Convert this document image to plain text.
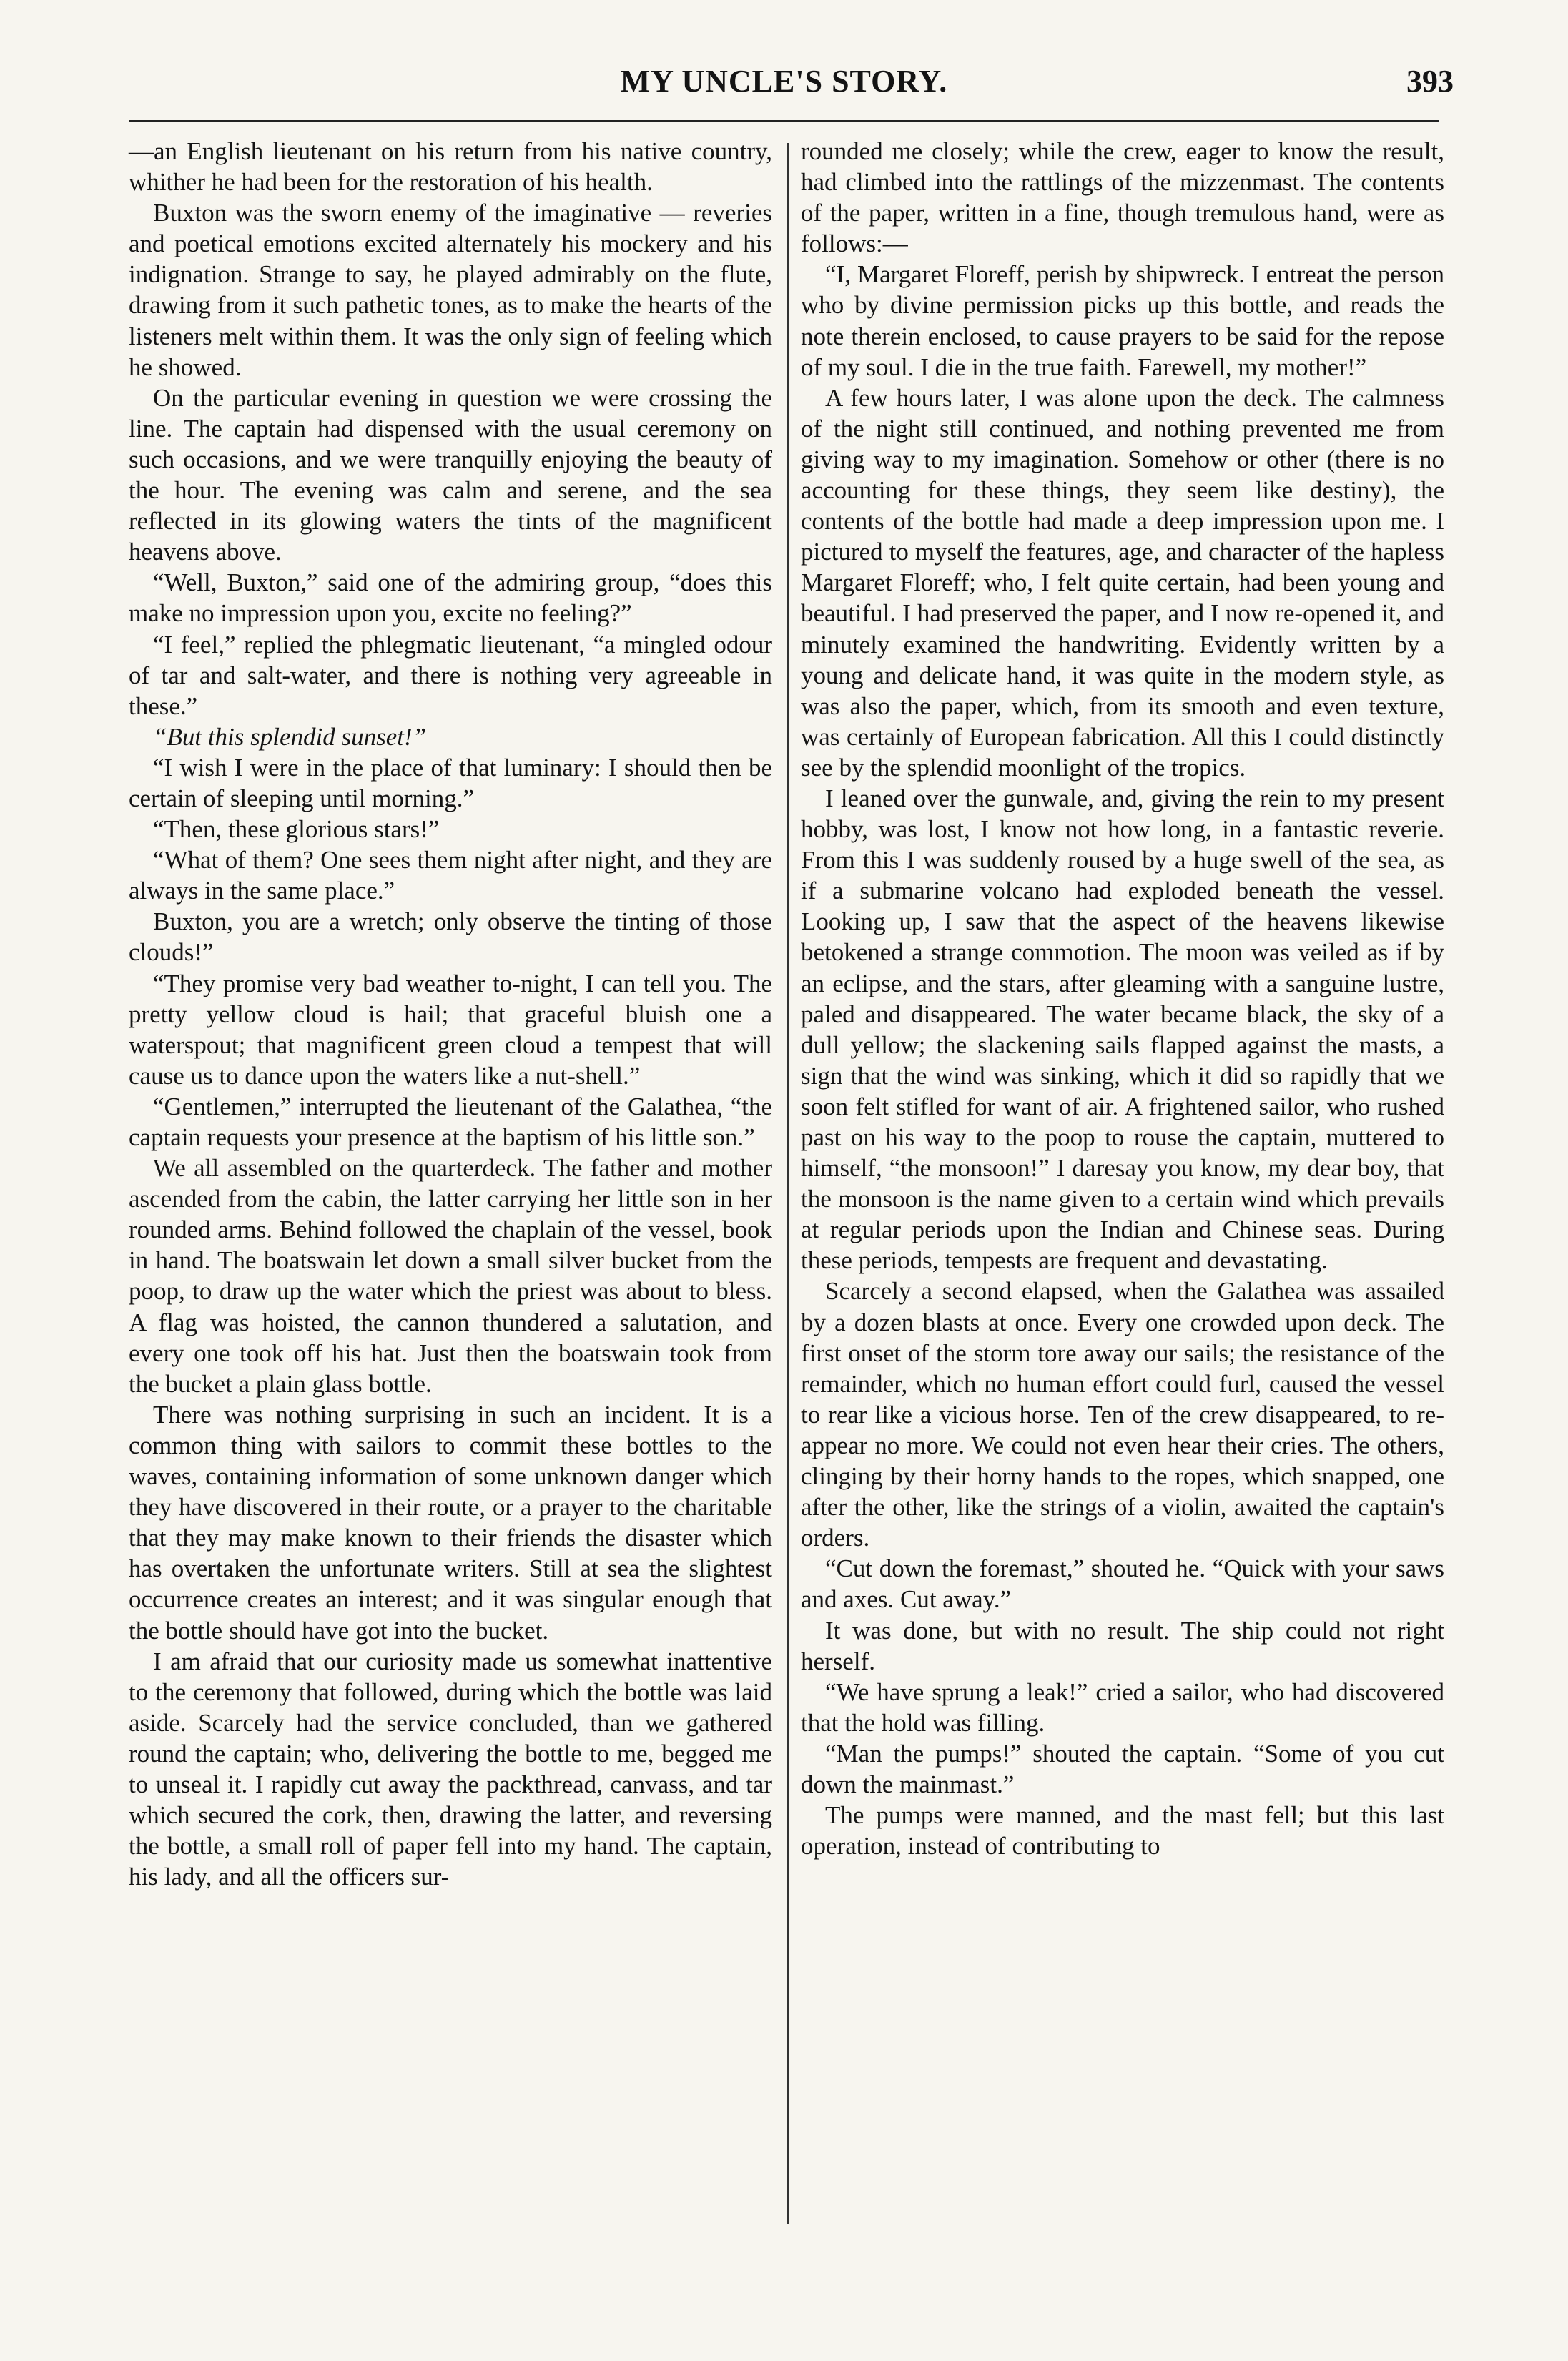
MY UNCLE'S STORY.	393

—an English lieutenant on his return from his native country, whither he had been for the restoration of his health.

Buxton was the sworn enemy of the imaginative — reveries and poetical emotions excited alternately his mockery and his indignation. Strange to say, he played admirably on the flute, drawing from it such pathetic tones, as to make the hearts of the listeners melt within them. It was the only sign of feeling which he showed.

On the particular evening in question we were crossing the line. The captain had dispensed with the usual ceremony on such occasions, and we were tranquilly enjoying the beauty of the hour. The evening was calm and serene, and the sea reflected in its glowing waters the tints of the magnificent heavens above.

“Well, Buxton,” said one of the admiring group, “does this make no impression upon you, excite no feeling?”

“I feel,” replied the phlegmatic lieutenant, “a mingled odour of tar and salt-water, and there is nothing very agreeable in these.”

“But this splendid sunset!”

“I wish I were in the place of that luminary: I should then be certain of sleeping until morning.”

“Then, these glorious stars!”

“What of them? One sees them night after night, and they are always in the same place.”

Buxton, you are a wretch; only observe the tinting of those clouds!”

“They promise very bad weather to-night, I can tell you. The pretty yellow cloud is hail; that graceful bluish one a waterspout; that magnificent green cloud a tempest that will cause us to dance upon the waters like a nut-shell.”

“Gentlemen,” interrupted the lieutenant of the Galathea, “the captain requests your presence at the baptism of his little son.”

We all assembled on the quarterdeck. The father and mother ascended from the cabin, the latter carrying her little son in her rounded arms. Behind followed the chaplain of the vessel, book in hand. The boatswain let down a small silver bucket from the poop, to draw up the water which the priest was about to bless. A flag was hoisted, the cannon thundered a salutation, and every one took off his hat. Just then the boatswain took from the bucket a plain glass bottle.

There was nothing surprising in such an incident. It is a common thing with sailors to commit these bottles to the waves, containing information of some unknown danger which they have discovered in their route, or a prayer to the charitable that they may make known to their friends the disaster which has overtaken the unfortunate writers. Still at sea the slightest occurrence creates an interest; and it was singular enough that the bottle should have got into the bucket.

I am afraid that our curiosity made us somewhat inattentive to the ceremony that followed, during which the bottle was laid aside. Scarcely had the service concluded, than we gathered round the captain; who, delivering the bottle to me, begged me to unseal it. I rapidly cut away the packthread, canvass, and tar which secured the cork, then, drawing the latter, and reversing the bottle, a small roll of paper fell into my hand. The captain, his lady, and all the officers sur-

rounded me closely; while the crew, eager to know the result, had climbed into the rattlings of the mizzenmast. The contents of the paper, written in a fine, though tremulous hand, were as follows:—

“I, Margaret Floreff, perish by shipwreck. I entreat the person who by divine permission picks up this bottle, and reads the note therein enclosed, to cause prayers to be said for the repose of my soul. I die in the true faith. Farewell, my mother!”

A few hours later, I was alone upon the deck. The calmness of the night still continued, and nothing prevented me from giving way to my imagination. Somehow or other (there is no accounting for these things, they seem like destiny), the contents of the bottle had made a deep impression upon me. I pictured to myself the features, age, and character of the hapless Margaret Floreff; who, I felt quite certain, had been young and beautiful. I had preserved the paper, and I now re-opened it, and minutely examined the handwriting. Evidently written by a young and delicate hand, it was quite in the modern style, as was also the paper, which, from its smooth and even texture, was certainly of European fabrication. All this I could distinctly see by the splendid moonlight of the tropics.

I leaned over the gunwale, and, giving the rein to my present hobby, was lost, I know not how long, in a fantastic reverie. From this I was suddenly roused by a huge swell of the sea, as if a submarine volcano had exploded beneath the vessel. Looking up, I saw that the aspect of the heavens likewise betokened a strange commotion. The moon was veiled as if by an eclipse, and the stars, after gleaming with a sanguine lustre, paled and disappeared. The water became black, the sky of a dull yellow; the slackening sails flapped against the masts, a sign that the wind was sinking, which it did so rapidly that we soon felt stifled for want of air. A frightened sailor, who rushed past on his way to the poop to rouse the captain, muttered to himself, “the monsoon!” I daresay you know, my dear boy, that the monsoon is the name given to a certain wind which prevails at regular periods upon the Indian and Chinese seas. During these periods, tempests are frequent and devastating.

Scarcely a second elapsed, when the Galathea was assailed by a dozen blasts at once. Every one crowded upon deck. The first onset of the storm tore away our sails; the resistance of the remainder, which no human effort could furl, caused the vessel to rear like a vicious horse. Ten of the crew disappeared, to re-appear no more. We could not even hear their cries. The others, clinging by their horny hands to the ropes, which snapped, one after the other, like the strings of a violin, awaited the captain's orders.

“Cut down the foremast,” shouted he. “Quick with your saws and axes. Cut away.”

It was done, but with no result. The ship could not right herself.

“We have sprung a leak!” cried a sailor, who had discovered that the hold was filling.

“Man the pumps!” shouted the captain. “Some of you cut down the mainmast.”

The pumps were manned, and the mast fell; but this last operation, instead of contributing to
